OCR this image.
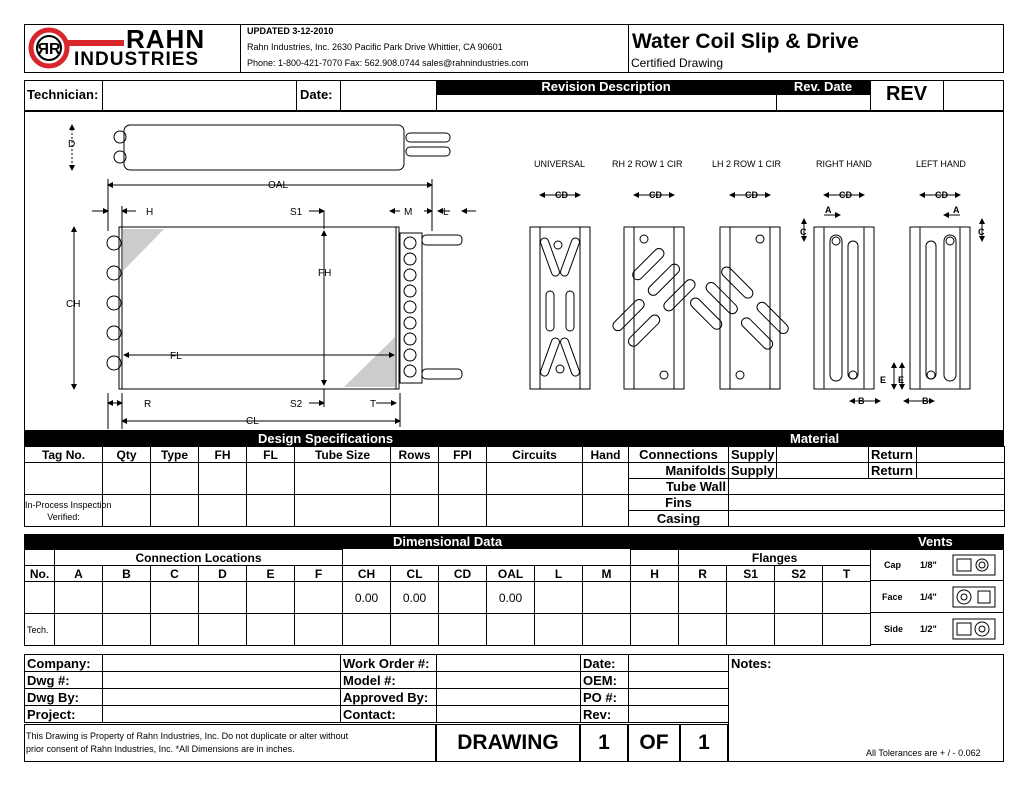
ЯR	RAHN
INDUSTRIES
UPDATED 3-12-2010
Rahn Industries, Inc. 2630 Pacific Park Drive Whittier, CA 90601
Phone: 1-800-421-7070 Fax: 562.908.0744 sales@rahnindustries.com
Water Coil Slip & Drive
Certified Drawing
Technician:	Date:
Revision Description	Rev. Date	REV
D
OAL
H	S1	M	L
CH
FH
FL
R	S2	T
CL
UNIVERSAL	RH 2 ROW 1 CIR	LH 2 ROW 1 CIR	RIGHT HAND	LEFT HAND
CD	CD	CD	CD	CD
A	A
C	C
E E
B	B
Design Specifications	Material
Tag No.	Qty	Type	FH	FL	Tube Size	Rows	FPI	Circuits	Hand

In-Process Inspection
Verified:									

Connections	Supply		Return	
Manifolds	Supply		Return	
Tube Wall				
Fins				
Casing				
Dimensional Data	Vents
	Connection Locations													Flanges			
No.	A	B	C	D	E	F	CH	CL	CD	OAL	L	M	H	R	S1	S2	T
							0.00	0.00		0.00							
Tech.																	
Cap 1/8"
Face 1/4"
Side 1/2"
Company:		Work Order #:		Date:	
Dwg #:		Model #:		OEM:	
Dwg By:		Approved By:		PO #:	
Project:		Contact:		Rev:	
Notes:
All Tolerances are + / - 0.062
This Drawing is Property of Rahn Industries, Inc. Do not duplicate or alter without
prior consent of Rahn Industries, Inc. *All Dimensions are in inches.	DRAWING	1	OF	1
